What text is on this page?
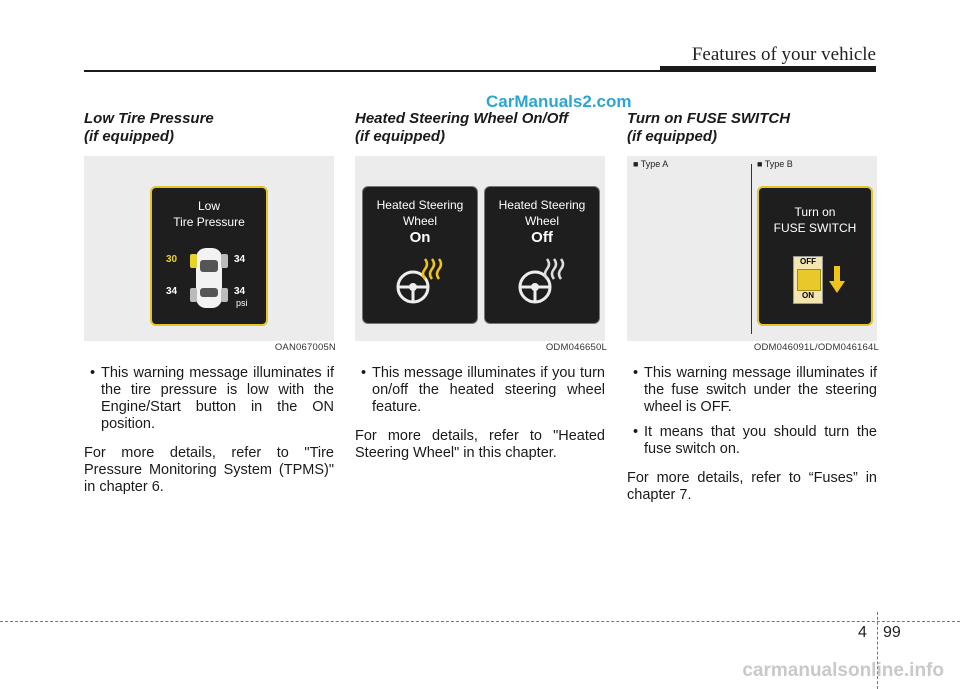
Features of your vehicle
CarManuals2.com

Low Tire Pressure
(if equipped)

Low
Tire Pressure
30	34
34	34
psi
OAN067005N

• This warning message illuminates if the tire pressure is low with the Engine/Start button in the ON position.

For more details, refer to "Tire Pressure Monitoring System (TPMS)" in chapter 6.

Heated Steering Wheel On/Off
(if equipped)

Heated Steering
Wheel
On
Heated Steering
Wheel
Off
ODM046650L

• This message illuminates if you turn on/off the heated steering wheel feature.

For more details, refer to "Heated Steering Wheel" in this chapter.

Turn on FUSE SWITCH
(if equipped)

■ Type A	■ Type B
Turn on
FUSE SWITCH
OFF
ON
ODM046091L/ODM046164L

• This warning message illuminates if the fuse switch under the steering wheel is OFF.

• It means that you should turn the fuse switch on.

For more details, refer to “Fuses” in chapter 7.

4 99
carmanualsonline.info
